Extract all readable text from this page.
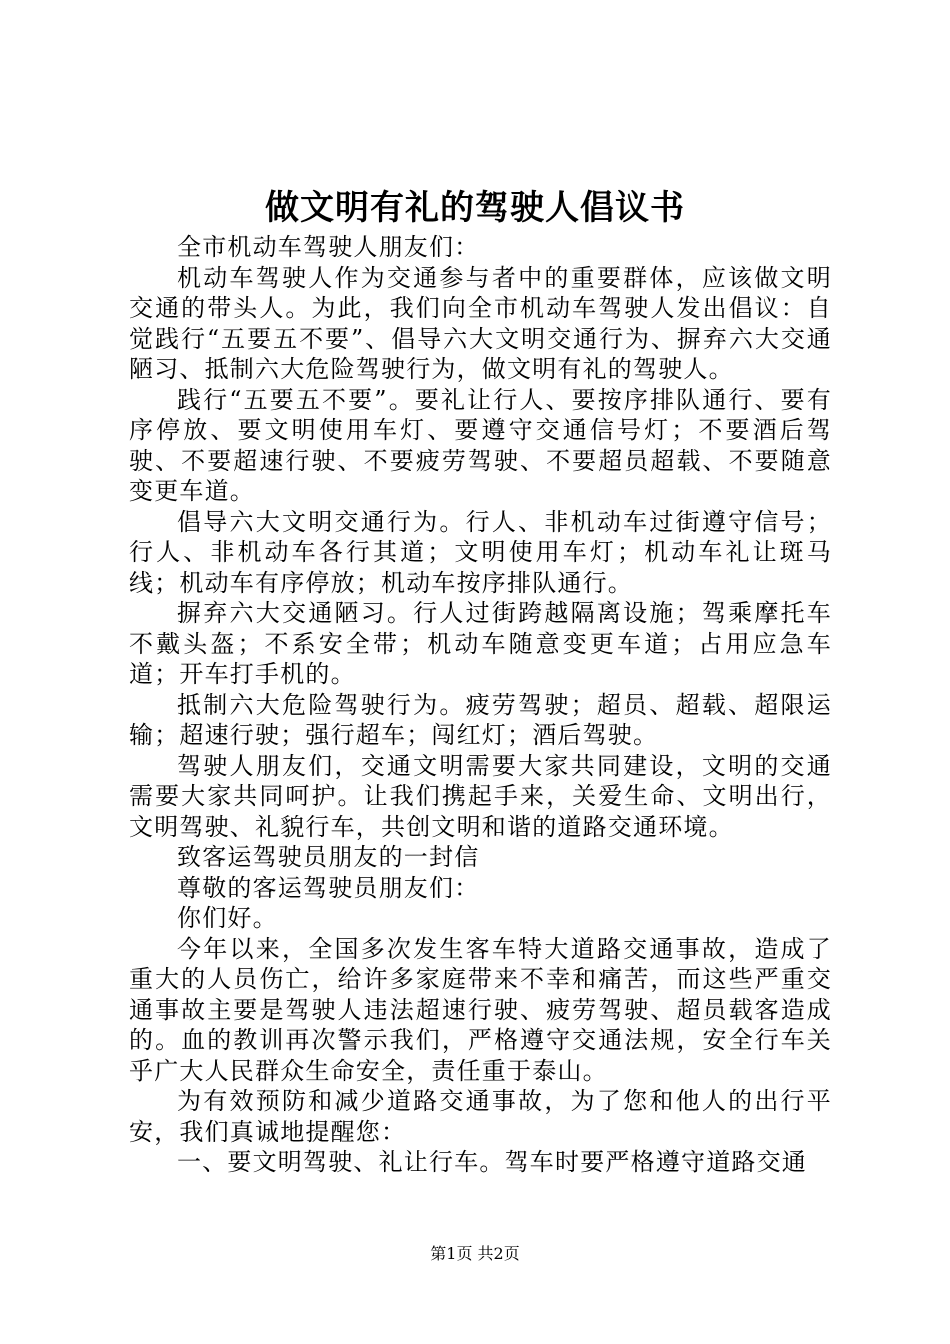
做文明有礼的驾驶人倡议书

全市机动车驾驶人朋友们：

机动车驾驶人作为交通参与者中的重要群体，应该做文明交通的带头人。为此，我们向全市机动车驾驶人发出倡议：自觉践行“五要五不要”、倡导六大文明交通行为、摒弃六大交通陋习、抵制六大危险驾驶行为，做文明有礼的驾驶人。

践行“五要五不要”。要礼让行人、要按序排队通行、要有序停放、要文明使用车灯、要遵守交通信号灯；不要酒后驾驶、不要超速行驶、不要疲劳驾驶、不要超员超载、不要随意变更车道。

倡导六大文明交通行为。行人、非机动车过街遵守信号；行人、非机动车各行其道；文明使用车灯；机动车礼让斑马线；机动车有序停放；机动车按序排队通行。

摒弃六大交通陋习。行人过街跨越隔离设施；驾乘摩托车不戴头盔；不系安全带；机动车随意变更车道；占用应急车道；开车打手机的。

抵制六大危险驾驶行为。疲劳驾驶；超员、超载、超限运输；超速行驶；强行超车；闯红灯；酒后驾驶。

驾驶人朋友们，交通文明需要大家共同建设，文明的交通需要大家共同呵护。让我们携起手来，关爱生命、文明出行，文明驾驶、礼貌行车，共创文明和谐的道路交通环境。

致客运驾驶员朋友的一封信

尊敬的客运驾驶员朋友们：

你们好。

今年以来，全国多次发生客车特大道路交通事故，造成了重大的人员伤亡，给许多家庭带来不幸和痛苦，而这些严重交通事故主要是驾驶人违法超速行驶、疲劳驾驶、超员载客造成的。血的教训再次警示我们，严格遵守交通法规，安全行车关乎广大人民群众生命安全，责任重于泰山。

为有效预防和减少道路交通事故，为了您和他人的出行平安，我们真诚地提醒您：

一、要文明驾驶、礼让行车。驾车时要严格遵守道路交通

第1页 共2页
